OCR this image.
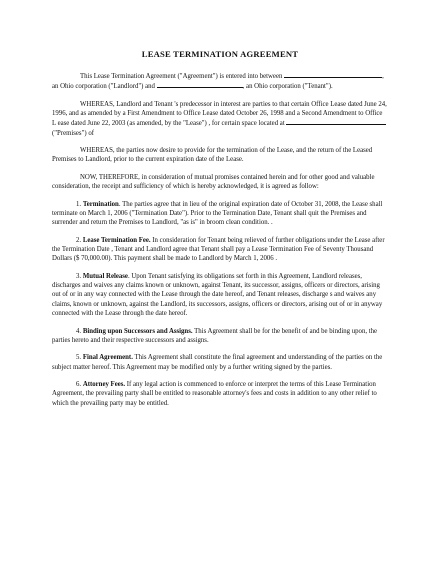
LEASE TERMINATION AGREEMENT

This Lease Termination Agreement ("Agreement") is entered into between	, an Ohio corporation ("Landlord") and	, an Ohio corporation ("Tenant").

WHEREAS, Landlord and Tenant 's predecessor in interest are parties to that certain Office Lease dated June 24, 1996, and as amended by a First Amendment to Office Lease dated October 26, 1998 and a Second Amendment to Office L ease dated June 22, 2003 (as amended, by the "Lease") , for certain space located at ("Premises") of

WHEREAS, the parties now desire to provide for the termination of the Lease, and the return of the Leased Premises to Landlord, prior to the current expiration date of the Lease.

NOW, THEREFORE, in consideration of mutual promises contained herein and for other good and valuable consideration, the receipt and sufficiency of which is hereby acknowledged, it is agreed as follow:

1. Termination. The parties agree that in lieu of the original expiration date of October 31, 2008, the Lease shall terminate on March 1, 2006 ("Termination Date"). Prior to the Termination Date, Tenant shall quit the Premises and surrender and return the Premises to Landlord, "as is" in broom clean condition. .

2. Lease Termination Fee. In consideration for Tenant being relieved of further obligations under the Lease after the Termination Date , Tenant and Landlord agree that Tenant shall pay a Lease Termination Fee of Seventy Thousand Dollars ($ 70,000.00). This payment shall be made to Landlord by March 1, 2006 .

3. Mutual Release. Upon Tenant satisfying its obligations set forth in this Agreement, Landlord releases, discharges and waives any claims known or unknown, against Tenant, its successor, assigns, officers or directors, arising out of or in any way connected with the Lease through the date hereof, and Tenant releases, discharge s and waives any claims, known or unknown, against the Landlord, its successors, assigns, officers or directors, arising out of or in anyway connected with the Lease through the date hereof.

4. Binding upon Successors and Assigns. This Agreement shall be for the benefit of and be binding upon, the parties hereto and their respective successors and assigns.

5. Final Agreement. This Agreement shall constitute the final agreement and understanding of the parties on the subject matter hereof. This Agreement may be modified only by a further writing signed by the parties.

6. Attorney Fees. If any legal action is commenced to enforce or interpret the terms of this Lease Termination Agreement, the prevailing party shall be entitled to reasonable attorney's fees and costs in addition to any other relief to which the prevailing party may be entitled.
